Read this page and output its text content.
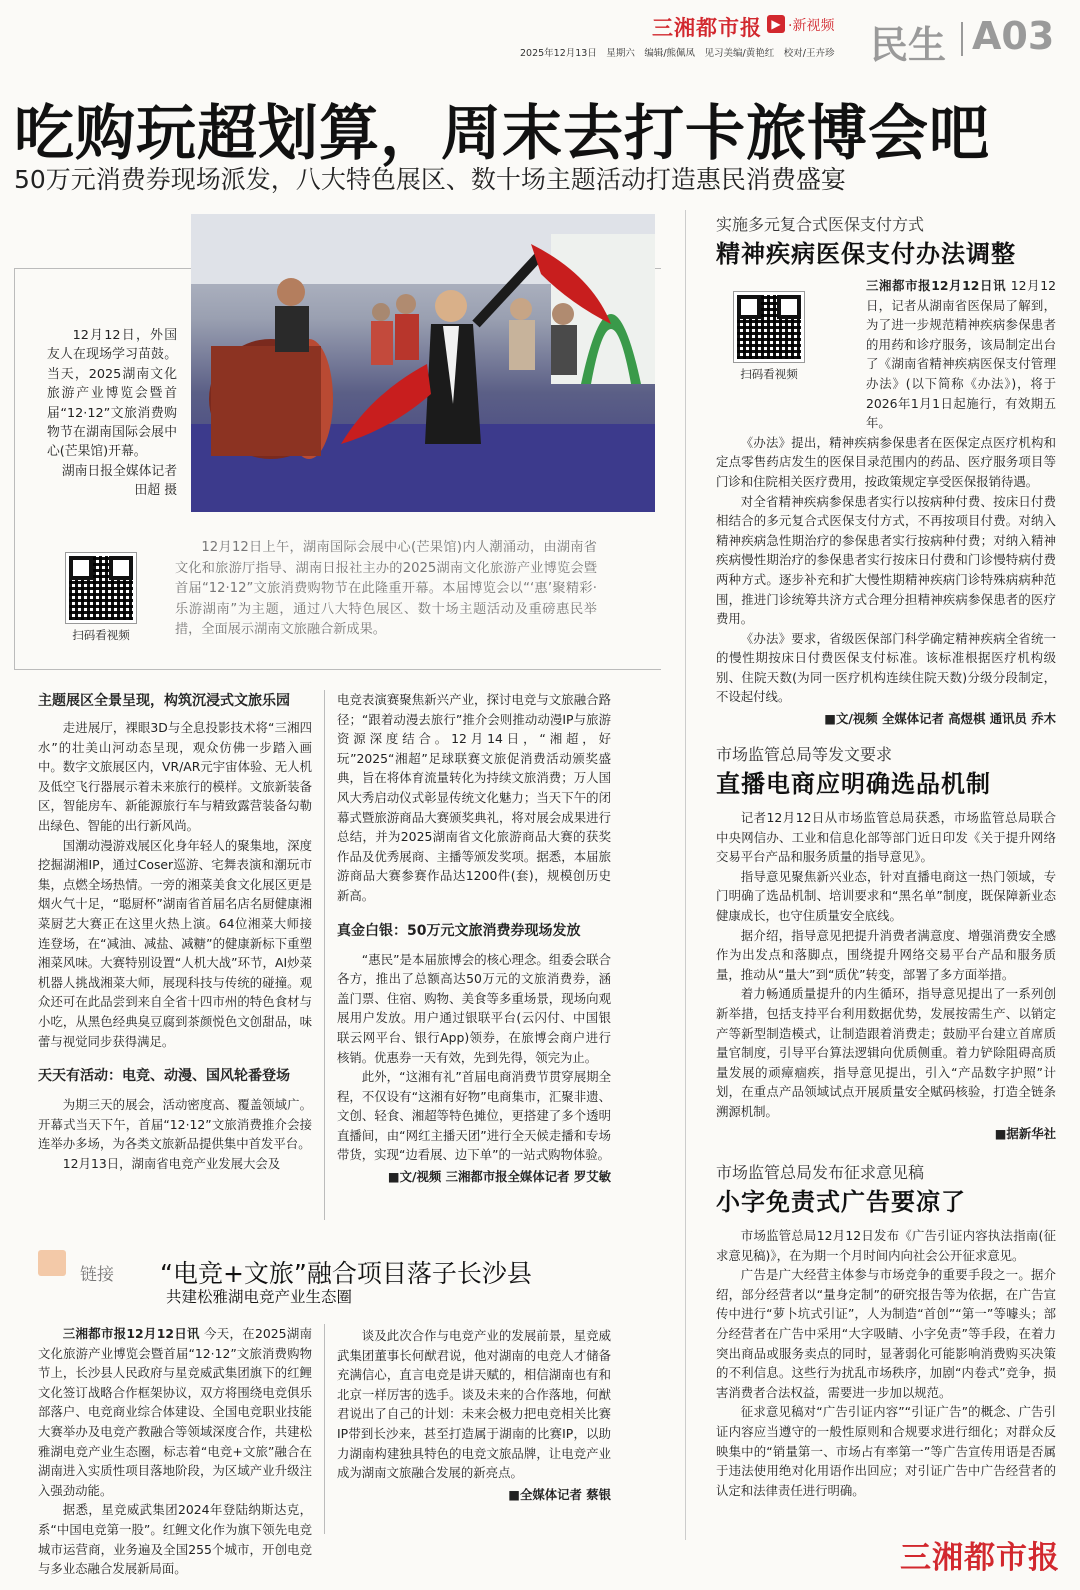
三湘都市报 ▶ ·新视频
2025年12月13日　星期六　编辑/熊佩凤　见习美编/黄艳红　校对/王卉珍 民生 A03
吃购玩超划算，周末去打卡旅博会吧
50万元消费券现场派发，八大特色展区、数十场主题活动打造惠民消费盛宴

12月12日，外国友人在现场学习苗鼓。当天，2025湖南文化旅游产业博览会暨首届“12·12”文旅消费购物节在湖南国际会展中心(芒果馆)开幕。

湖南日报全媒体记者 田超 摄

扫码看视频

12月12日上午，湖南国际会展中心(芒果馆)内人潮涌动，由湖南省文化和旅游厅指导、湖南日报社主办的2025湖南文化旅游产业博览会暨首届“12·12”文旅消费购物节在此隆重开幕。本届博览会以“‘惠’聚精彩·乐游湖南”为主题，通过八大特色展区、数十场主题活动及重磅惠民举措，全面展示湖南文旅融合新成果。

主题展区全景呈现，构筑沉浸式文旅乐园

走进展厅，裸眼3D与全息投影技术将“三湘四水”的壮美山河动态呈现，观众仿佛一步踏入画中。数字文旅展区内，VR/AR元宇宙体验、无人机及低空飞行器展示着未来旅行的模样。文旅新装备区，智能房车、新能源旅行车与精致露营装备勾勒出绿色、智能的出行新风尚。

国潮动漫游戏展区化身年轻人的聚集地，深度挖掘湖湘IP，通过Coser巡游、宅舞表演和潮玩市集，点燃全场热情。一旁的湘菜美食文化展区更是烟火气十足，“聪厨杯”湖南省首届名店名厨健康湘菜厨艺大赛正在这里火热上演。64位湘菜大师接连登场，在“减油、减盐、减糖”的健康新标下重塑湘菜风味。大赛特别设置“人机大战”环节，AI炒菜机器人挑战湘菜大师，展现科技与传统的碰撞。观众还可在此品尝到来自全省十四市州的特色食材与小吃，从黑色经典臭豆腐到茶颜悦色文创甜品，味蕾与视觉同步获得满足。

天天有活动：电竞、动漫、国风轮番登场

为期三天的展会，活动密度高、覆盖领域广。开幕式当天下午，首届“12·12”文旅消费推介会接连举办多场，为各类文旅新品提供集中首发平台。

12月13日，湖南省电竞产业发展大会及

电竞表演赛聚焦新兴产业，探讨电竞与文旅融合路径；“跟着动漫去旅行”推介会则推动动漫IP与旅游资源深度结合。12月14日，“湘超，好玩”2025“湘超”足球联赛文旅促消费活动颁奖盛典，旨在将体育流量转化为持续文旅消费；万人国风大秀启动仪式彰显传统文化魅力；当天下午的闭幕式暨旅游商品大赛颁奖典礼，将对展会成果进行总结，并为2025湖南省文化旅游商品大赛的获奖作品及优秀展商、主播等颁发奖项。据悉，本届旅游商品大赛参赛作品达1200件(套)，规模创历史新高。

真金白银：50万元文旅消费券现场发放

“惠民”是本届旅博会的核心理念。组委会联合各方，推出了总额高达50万元的文旅消费券，涵盖门票、住宿、购物、美食等多重场景，现场向观展用户发放。用户通过银联平台(云闪付、中国银联云网平台、银行App)领券，在旅博会商户进行核销。优惠券一天有效，先到先得，领完为止。

此外，“这湘有礼”首届电商消费节贯穿展期全程，不仅设有“这湘有好物”电商集市，汇聚非遗、文创、轻食、湘超等特色摊位，更搭建了多个透明直播间，由“网红主播天团”进行全天候走播和专场带货，实现“边看展、边下单”的一站式购物体验。

■文/视频 三湘都市报全媒体记者 罗艾敏

链接 “电竞+文旅”融合项目落子长沙县
共建松雅湖电竞产业生态圈

三湘都市报12月12日讯 今天，在2025湖南文化旅游产业博览会暨首届“12·12”文旅消费购物节上，长沙县人民政府与星竞威武集团旗下的红鲤文化签订战略合作框架协议，双方将围绕电竞俱乐部落户、电竞商业综合体建设、全国电竞职业技能大赛举办及电竞产教融合等领域深度合作，共建松雅湖电竞产业生态圈，标志着“电竞+文旅”融合在湖南进入实质性项目落地阶段，为区域产业升级注入强劲动能。

据悉，星竞威武集团2024年登陆纳斯达克，系“中国电竞第一股”。红鲤文化作为旗下领先电竞城市运营商，业务遍及全国255个城市，开创电竞与多业态融合发展新局面。

谈及此次合作与电竞产业的发展前景，星竞威武集团董事长何猷君说，他对湖南的电竞人才储备充满信心，直言电竞是讲天赋的，相信湖南也有和北京一样厉害的选手。谈及未来的合作落地，何猷君说出了自己的计划：未来会极力把电竞相关比赛IP带到长沙来，甚至打造属于湖南的比赛IP，以助力湖南构建独具特色的电竞文旅品牌，让电竞产业成为湖南文旅融合发展的新亮点。

■全媒体记者 蔡银

实施多元复合式医保支付方式
精神疾病医保支付办法调整
扫码看视频

三湘都市报12月12日讯 12月12日，记者从湖南省医保局了解到，为了进一步规范精神疾病参保患者的用药和诊疗服务，该局制定出台了《湖南省精神疾病医保支付管理办法》(以下简称《办法》)，将于2026年1月1日起施行，有效期五年。

《办法》提出，精神疾病参保患者在医保定点医疗机构和定点零售药店发生的医保目录范围内的药品、医疗服务项目等门诊和住院相关医疗费用，按政策规定享受医保报销待遇。

对全省精神疾病参保患者实行以按病种付费、按床日付费相结合的多元复合式医保支付方式，不再按项目付费。对纳入精神疾病急性期治疗的参保患者实行按病种付费；对纳入精神疾病慢性期治疗的参保患者实行按床日付费和门诊慢特病付费两种方式。逐步补充和扩大慢性期精神疾病门诊特殊病病种范围，推进门诊统筹共济方式合理分担精神疾病参保患者的医疗费用。

《办法》要求，省级医保部门科学确定精神疾病全省统一的慢性期按床日付费医保支付标准。该标准根据医疗机构级别、住院天数(为同一医疗机构连续住院天数)分级分段制定，不设起付线。

■文/视频 全媒体记者 高煜棋 通讯员 乔木

市场监管总局等发文要求
直播电商应明确选品机制

记者12月12日从市场监管总局获悉，市场监管总局联合中央网信办、工业和信息化部等部门近日印发《关于提升网络交易平台产品和服务质量的指导意见》。

指导意见聚焦新兴业态，针对直播电商这一热门领域，专门明确了选品机制、培训要求和“黑名单”制度，既保障新业态健康成长，也守住质量安全底线。

据介绍，指导意见把提升消费者满意度、增强消费安全感作为出发点和落脚点，围绕提升网络交易平台产品和服务质量，推动从“量大”到“质优”转变，部署了多方面举措。

着力畅通质量提升的内生循环，指导意见提出了一系列创新举措，包括支持平台利用数据优势，发展按需生产、以销定产等新型制造模式，让制造跟着消费走；鼓励平台建立首席质量官制度，引导平台算法逻辑向优质侧重。着力铲除阻碍高质量发展的顽瘴痼疾，指导意见提出，引入“产品数字护照”计划，在重点产品领域试点开展质量安全赋码核验，打造全链条溯源机制。

■据新华社

市场监管总局发布征求意见稿
小字免责式广告要凉了

市场监管总局12月12日发布《广告引证内容执法指南(征求意见稿)》，在为期一个月时间内向社会公开征求意见。

广告是广大经营主体参与市场竞争的重要手段之一。据介绍，部分经营者以“量身定制”的研究报告等为依据，在广告宣传中进行“萝卜坑式引证”，人为制造“首创”“第一”等噱头；部分经营者在广告中采用“大字吸睛、小字免责”等手段，在着力突出商品或服务卖点的同时，显著弱化可能影响消费购买决策的不利信息。这些行为扰乱市场秩序，加剧“内卷式”竞争，损害消费者合法权益，需要进一步加以规范。

征求意见稿对“广告引证内容”“引证广告”的概念、广告引证内容应当遵守的一般性原则和合规要求进行细化；对群众反映集中的“销量第一、市场占有率第一”等广告宣传用语是否属于违法使用绝对化用语作出回应；对引证广告中广告经营者的认定和法律责任进行明确。

三湘都市报
